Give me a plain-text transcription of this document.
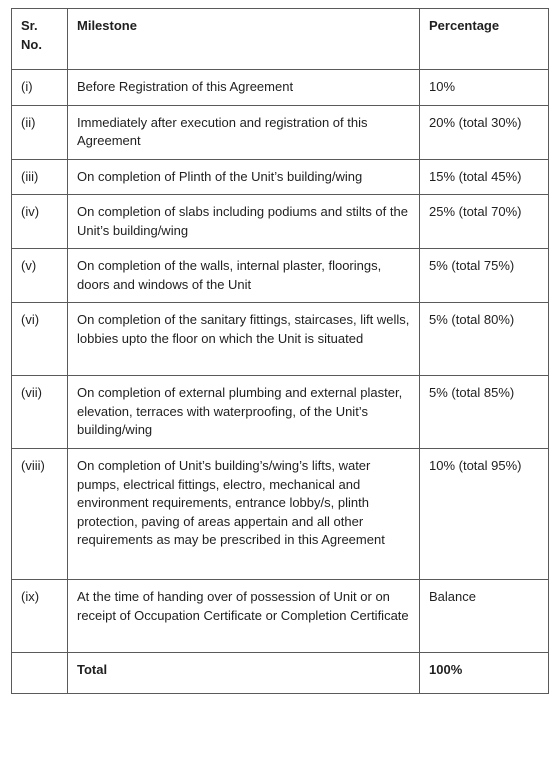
Sr. No.	Milestone	Percentage
(i)	Before Registration of this Agreement	10%
(ii)	Immediately after execution and registration of this Agreement	20% (total 30%)
(iii)	On completion of Plinth of the Unit’s building/wing	15% (total 45%)
(iv)	On completion of slabs including podiums and stilts of the Unit’s building/wing	25% (total 70%)
(v)	On completion of the walls, internal plaster, floorings, doors and windows of the Unit	5% (total 75%)
(vi)	On completion of the sanitary fittings, staircases, lift wells, lobbies upto the floor on which the Unit is situated	5% (total 80%)
(vii)	On completion of external plumbing and external plaster, elevation, terraces with waterproofing, of the Unit’s building/wing	5% (total 85%)
(viii)	On completion of Unit’s building’s/wing’s lifts, water pumps, electrical fittings, electro, mechanical and environment requirements, entrance lobby/s, plinth protection, paving of areas appertain and all other requirements as may be prescribed in this Agreement	10% (total 95%)
(ix)	At the time of handing over of possession of Unit or on receipt of Occupation Certificate or Completion Certificate	Balance
	Total	100%
